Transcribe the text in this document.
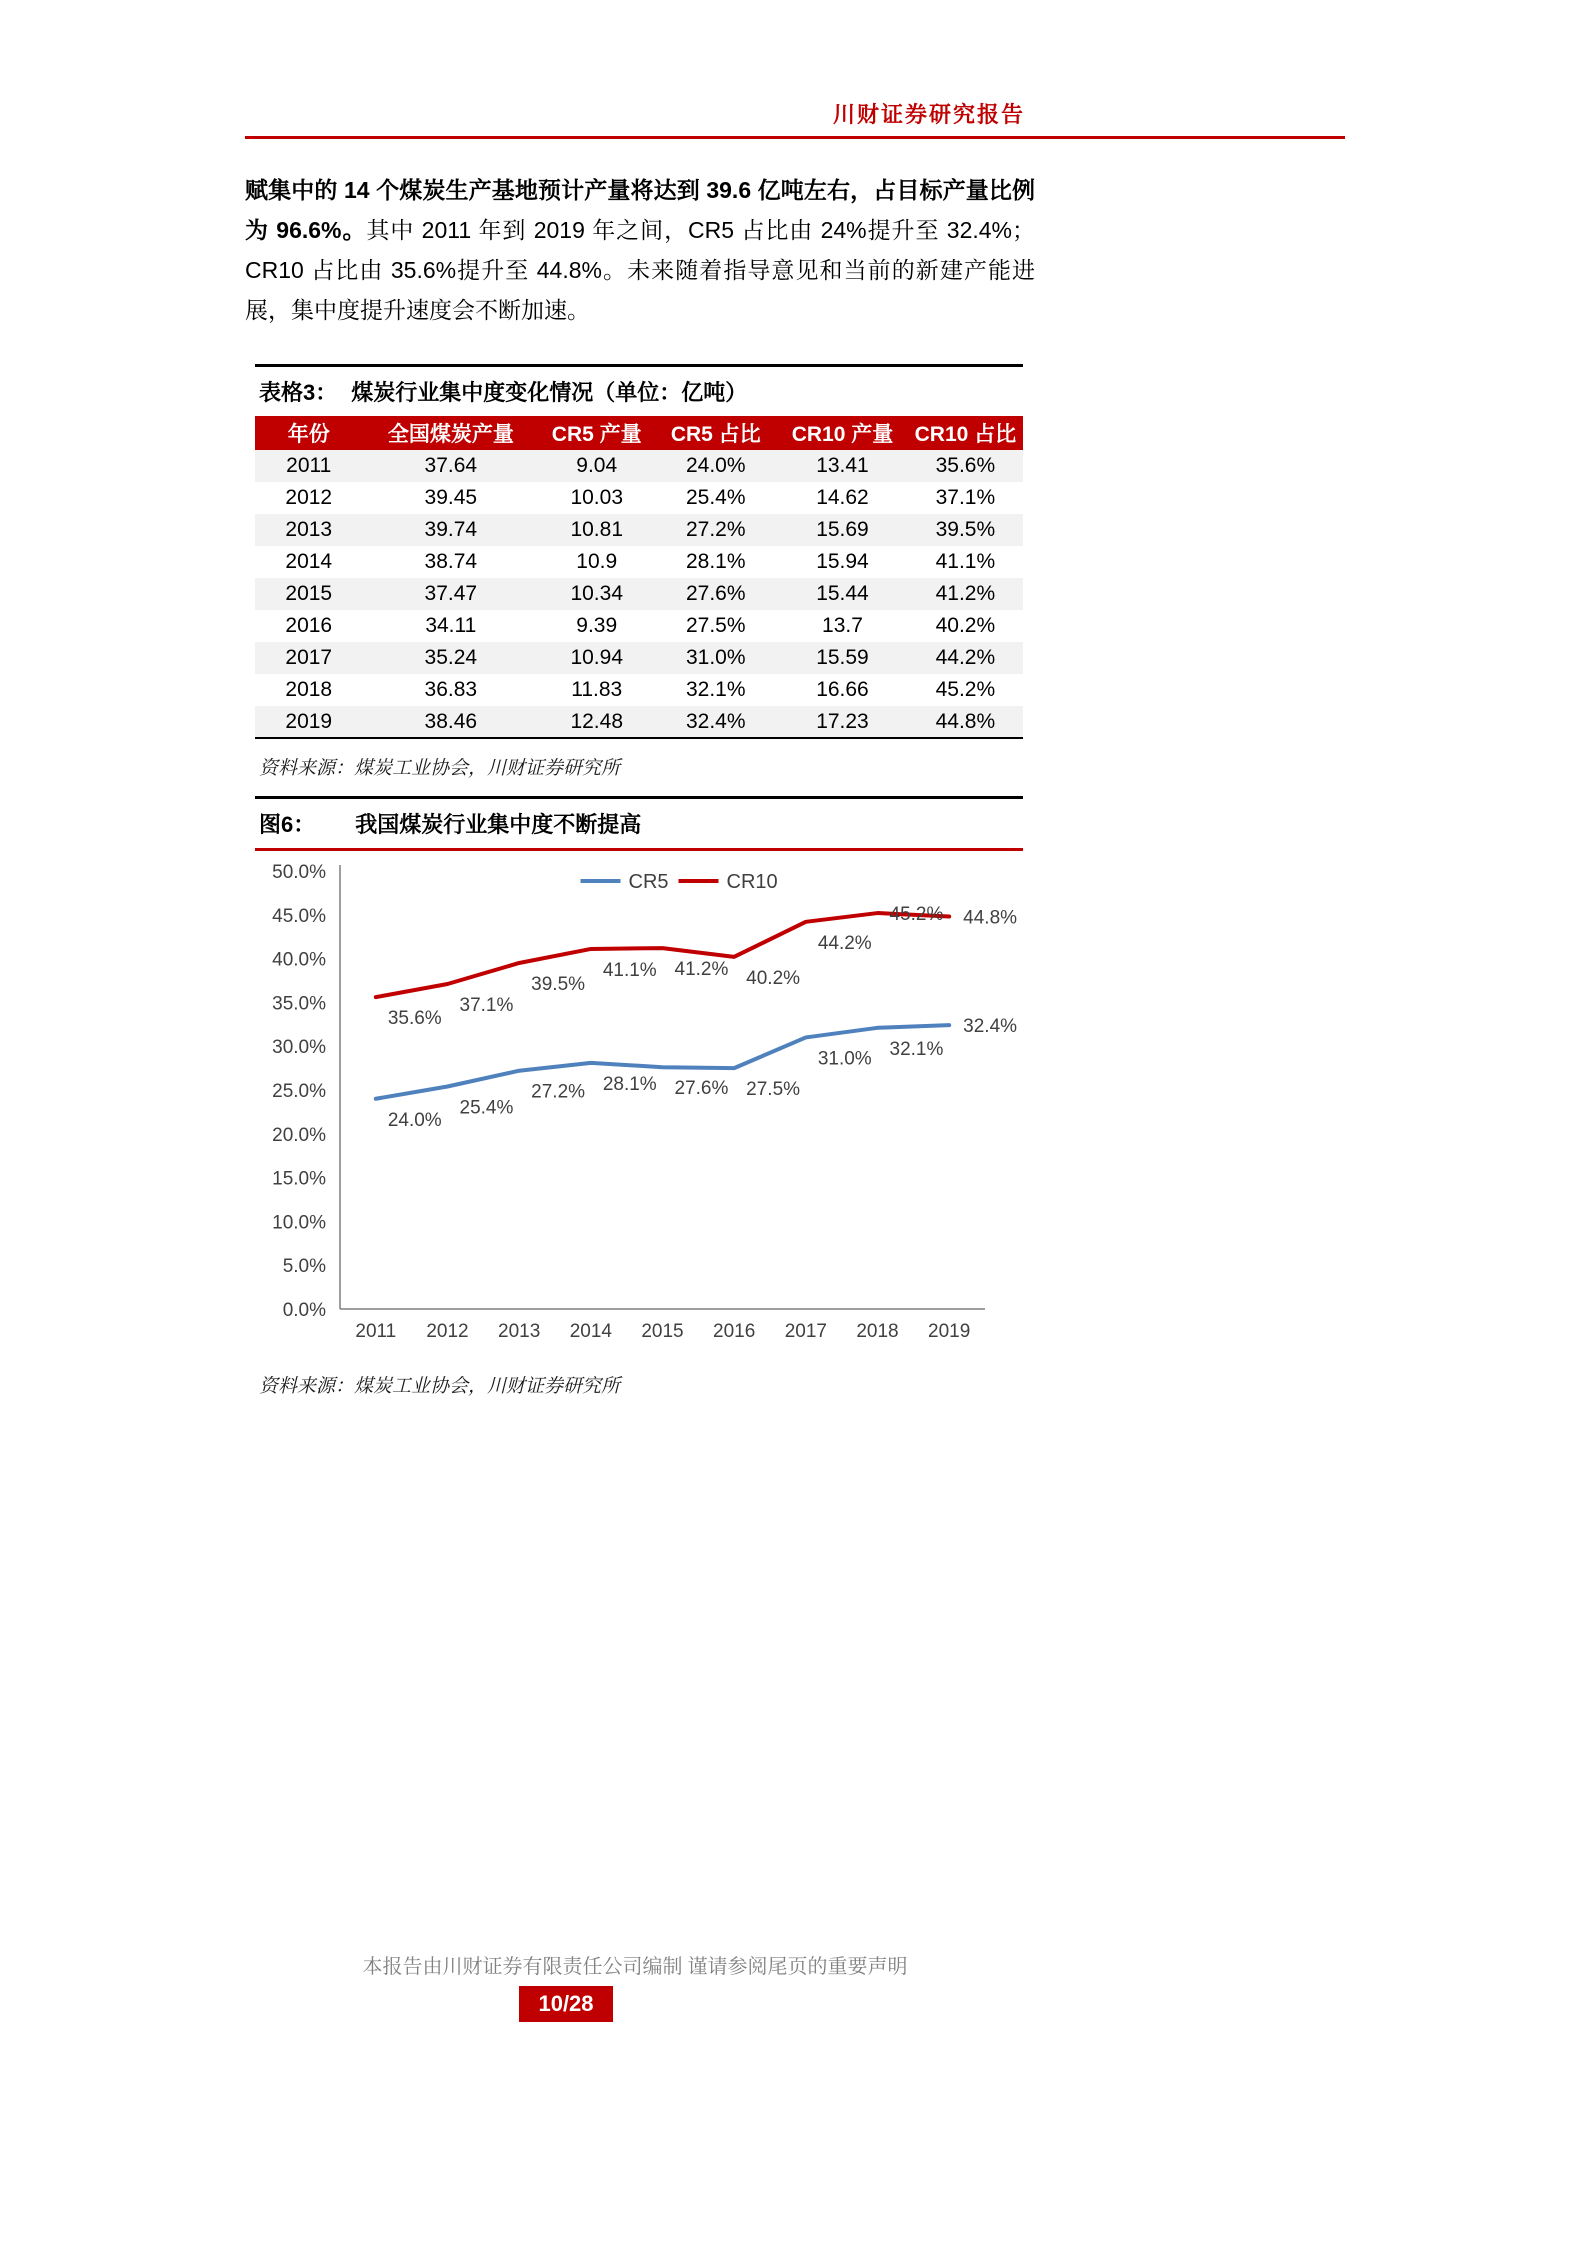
川财证券研究报告

赋集中的 14 个煤炭生产基地预计产量将达到 39.6 亿吨左右，占目标产量比例为 96.6%。其中 2011 年到 2019 年之间，CR5 占比由 24%提升至 32.4%；CR10 占比由 35.6%提升至 44.8%。未来随着指导意见和当前的新建产能进展，集中度提升速度会不断加速。

表格3： 煤炭行业集中度变化情况（单位：亿吨）
年份	全国煤炭产量	CR5 产量	CR5 占比	CR10 产量	CR10 占比
2011	37.64	9.04	24.0%	13.41	35.6%
2012	39.45	10.03	25.4%	14.62	37.1%
2013	39.74	10.81	27.2%	15.69	39.5%
2014	38.74	10.9	28.1%	15.94	41.1%
2015	37.47	10.34	27.6%	15.44	41.2%
2016	34.11	9.39	27.5%	13.7	40.2%
2017	35.24	10.94	31.0%	15.59	44.2%
2018	36.83	11.83	32.1%	16.66	45.2%
2019	38.46	12.48	32.4%	17.23	44.8%
资料来源：煤炭工业协会，川财证券研究所
图6： 我国煤炭行业集中度不断提高
0.0%
5.0%
10.0%
15.0%
20.0%
25.0%
30.0%
35.0%
40.0%
45.0%
50.0%
2011 2012 2013 2014 2015 2016 2017 2018 2019
24.0%
25.4%
27.2% 28.1% 27.6% 27.5%
31.0% 32.1%
32.4%
35.6%
37.1%
39.5%
41.1% 41.2% 40.2%
44.2%
45.2% 44.8%
CR5	CR10
资料来源：煤炭工业协会，川财证券研究所
本报告由川财证券有限责任公司编制 谨请参阅尾页的重要声明
10/28
